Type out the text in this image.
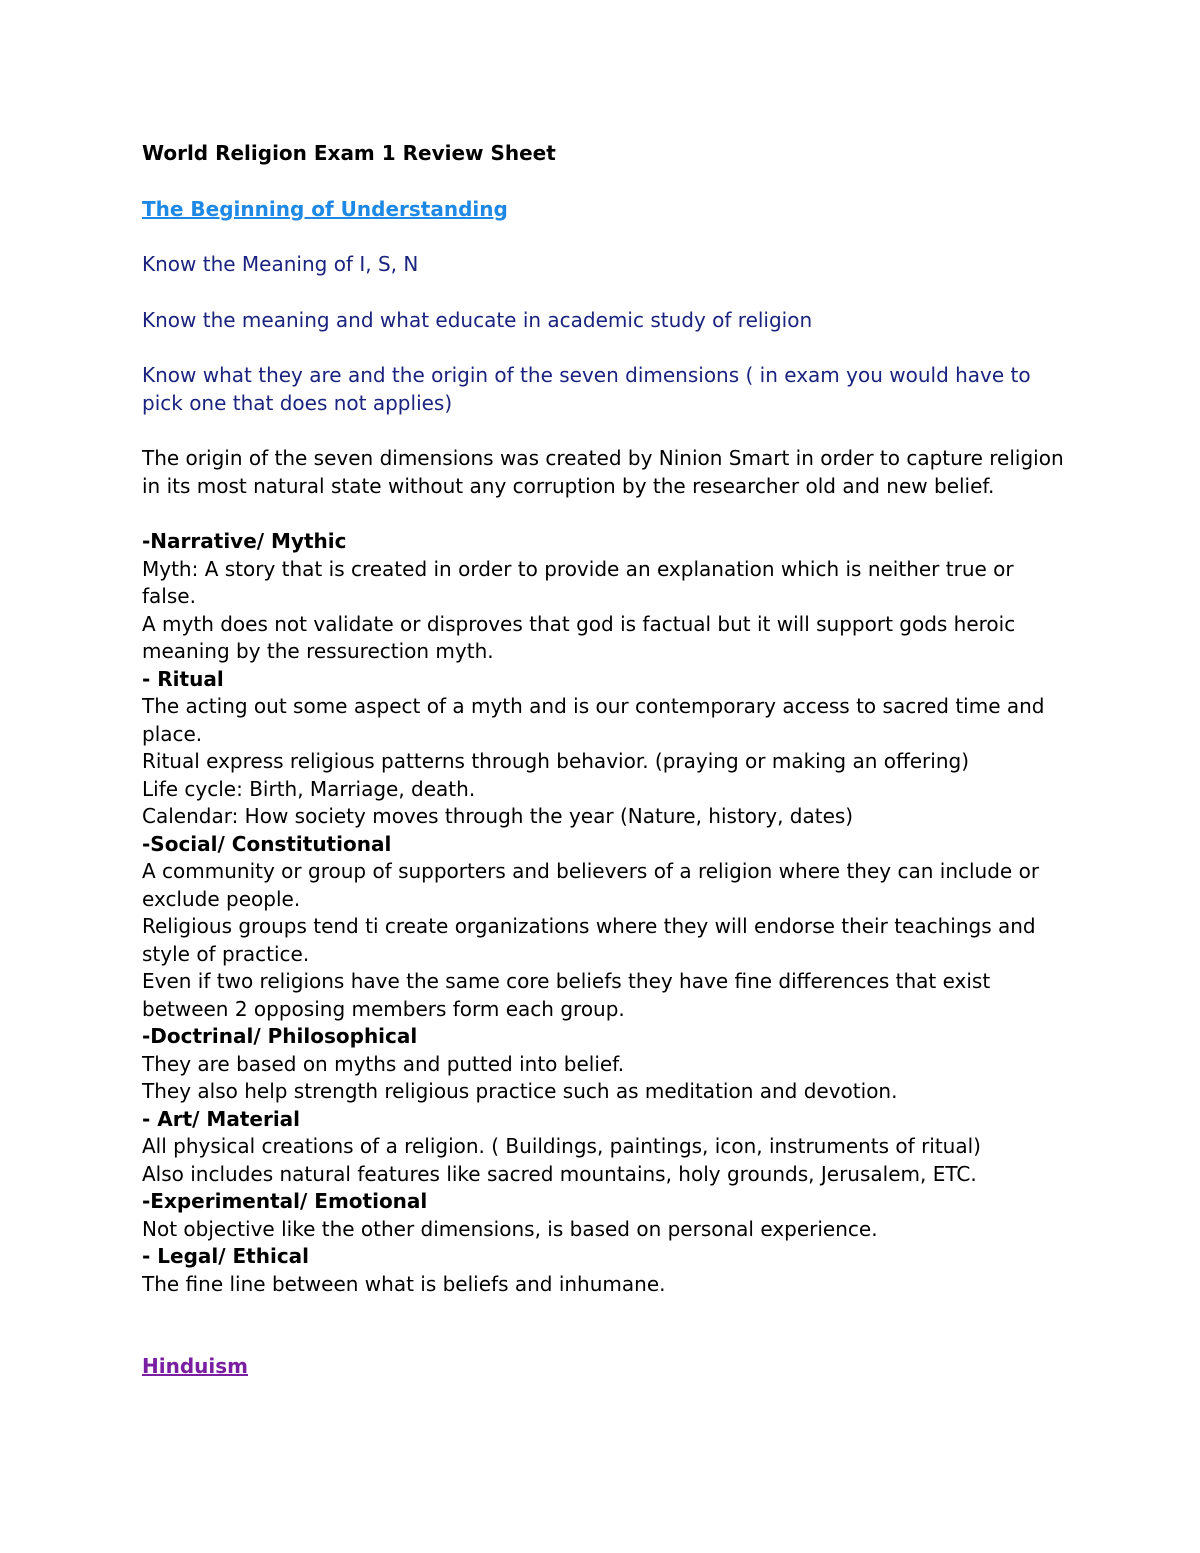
World Religion Exam 1 Review Sheet
The Beginning of Understanding
Know the Meaning of I, S, N
Know the meaning and what educate in academic study of religion
Know what they are and the origin of the seven dimensions ( in exam you would have to pick one that does not applies)
The origin of the seven dimensions was created by Ninion Smart in order to capture religion in its most natural state without any corruption by the researcher old and new belief.
-Narrative/ Mythic
Myth: A story that is created in order to provide an explanation which is neither true or false.
A myth does not validate or disproves that god is factual but it will support gods heroic meaning by the ressurection myth.
- Ritual
The acting out some aspect of a myth and is our contemporary access to sacred time and place.
Ritual express religious patterns through behavior. (praying or making an offering)
Life cycle: Birth, Marriage, death.
Calendar: How society moves through the year (Nature, history, dates)
-Social/ Constitutional
A community or group of supporters and believers of a religion where they can include or exclude people.
Religious groups tend ti create organizations where they will endorse their teachings and style of practice.
Even if two religions have the same core beliefs they have fine differences that exist between 2 opposing members form each group.
-Doctrinal/ Philosophical
They are based on myths and putted into belief.
They also help strength religious practice such as meditation and devotion.
- Art/ Material
All physical creations of a religion. ( Buildings, paintings, icon, instruments of ritual)
Also includes natural features like sacred mountains, holy grounds, Jerusalem, ETC.
-Experimental/ Emotional
Not objective like the other dimensions, is based on personal experience.
- Legal/ Ethical
The fine line between what is beliefs and inhumane.
Hinduism
